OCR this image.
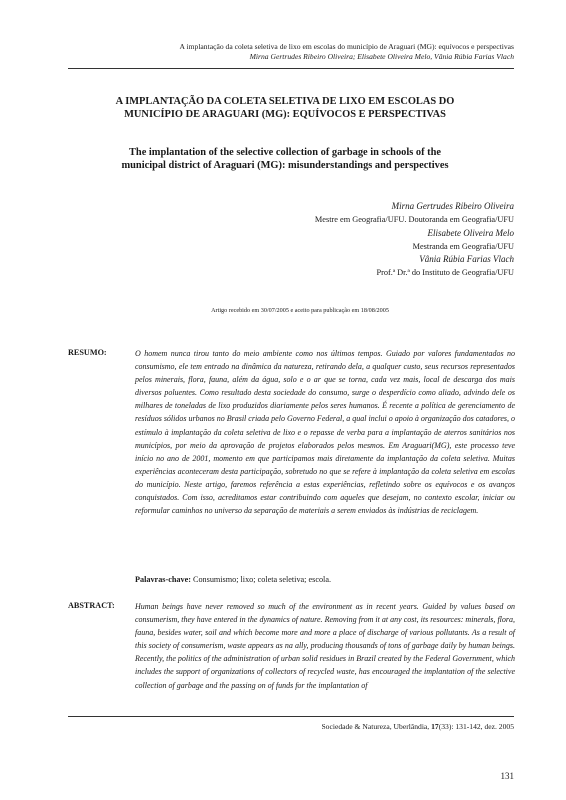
A implantação da coleta seletiva de lixo em escolas do município de Araguari (MG): equívocos e perspectivas
Mirna Gertrudes Ribeiro Oliveira; Elisabete Oliveira Melo, Vânia Rúbia Farias Vlach
A IMPLANTAÇÃO DA COLETA SELETIVA DE LIXO EM ESCOLAS DO
MUNICÍPIO DE ARAGUARI (MG): EQUÍVOCOS E PERSPECTIVAS
The implantation of the selective collection of garbage in schools of the
municipal district of Araguari (MG): misunderstandings and perspectives
Mirna Gertrudes Ribeiro Oliveira
Mestre em Geografia/UFU. Doutoranda em Geografia/UFU
Elisabete Oliveira Melo
Mestranda em Geografia/UFU
Vânia Rúbia Farias Vlach
Prof.ª Dr.ª do Instituto de Geografia/UFU
Artigo recebido em 30/07/2005 e aceito para publicação em 18/08/2005
RESUMO:	O homem nunca tirou tanto do meio ambiente como nos últimos tempos. Guiado por valores fundamentados no consumismo, ele tem entrado na dinâmica da natureza, retirando dela, a qualquer custo, seus recursos representados pelos minerais, flora, fauna, além da água, solo e o ar que se torna, cada vez mais, local de descarga dos mais diversos poluentes. Como resultado desta sociedade do consumo, surge o desperdício como aliado, advindo dele os milhares de toneladas de lixo produzidos diariamente pelos seres humanos. É recente a política de gerenciamento de resíduos sólidos urbanos no Brasil criada pelo Governo Federal, a qual inclui o apoio à organização dos catadores, o estímulo à implantação da coleta seletiva de lixo e o repasse de verba para a implantação de aterros sanitários nos municípios, por meio da aprovação de projetos elaborados pelos mesmos. Em Araguari(MG), este processo teve início no ano de 2001, momento em que participamos mais diretamente da implantação da coleta seletiva. Muitas experiências aconteceram desta participação, sobretudo no que se refere à implantação da coleta seletiva em escolas do município. Neste artigo, faremos referência a estas experiências, refletindo sobre os equívocos e os avanços conquistados. Com isso, acreditamos estar contribuindo com aqueles que desejam, no contexto escolar, iniciar ou reformular caminhos no universo da separação de materiais a serem enviados às indústrias de reciclagem.
Palavras-chave: Consumismo; lixo; coleta seletiva; escola.
ABSTRACT:	Human beings have never removed so much of the environment as in recent years. Guided by values based on consumerism, they have entered in the dynamics of nature. Removing from it at any cost, its resources: minerals, flora, fauna, besides water, soil and which become more and more a place of discharge of various pollutants. As a result of this society of consumerism, waste appears as na ally, producing thousands of tons of garbage daily by human beings. Recently, the politics of the administration of urban solid residues in Brazil created by the Federal Government, which includes the support of organizations of collectors of recycled waste, has encouraged the implantation of the selective collection of garbage and the passing on of funds for the implantation of
Sociedade & Natureza, Uberlândia, 17(33): 131-142, dez. 2005
131
